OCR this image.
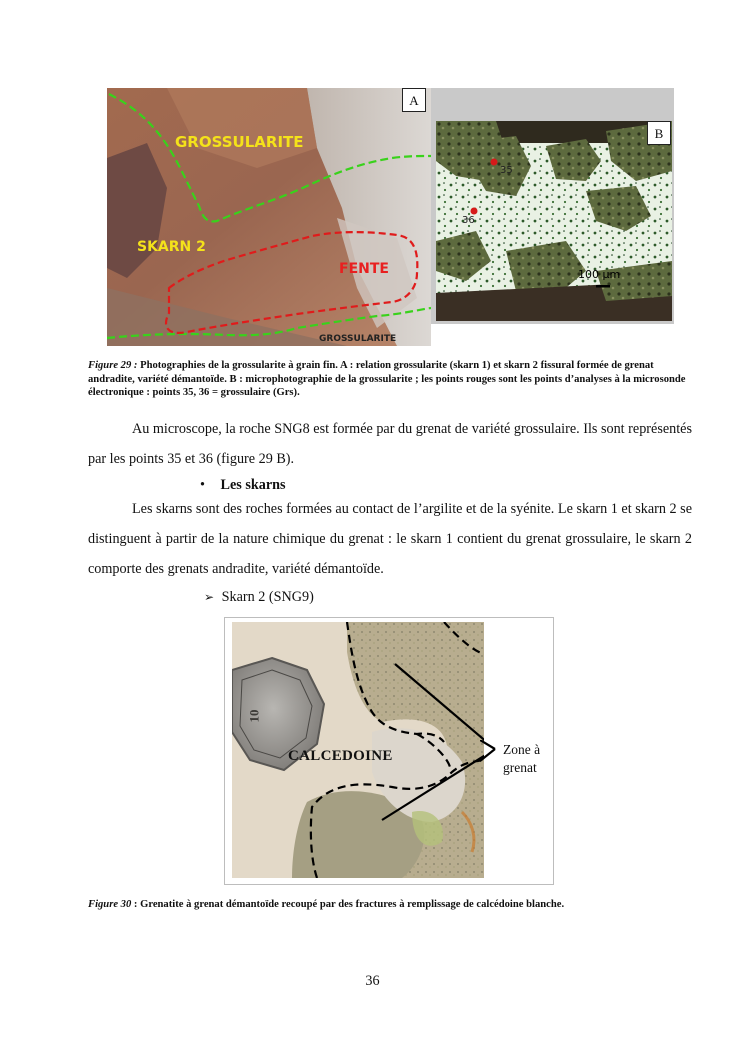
GROSSULARITE
SKARN 2
FENTE
GROSSULARITE
A
35
36
100 µm
B
Figure 29 : Photographies de la grossularite à grain fin. A : relation grossularite (skarn 1) et skarn 2 fissural formée de grenat andradite, variété démantoïde. B : microphotographie de la grossularite ; les points rouges sont les points d’analyses à la microsonde électronique : points 35, 36 = grossulaire (Grs).
Au microscope, la roche SNG8 est formée par du grenat de variété grossulaire. Ils sont représentés par les points 35 et 36 (figure 29 B).
• Les skarns
Les skarns sont des roches formées au contact de l’argilite et de la syénite. Le skarn 1 et skarn 2 se distinguent à partir de la nature chimique du grenat : le skarn 1 contient du grenat grossulaire, le skarn 2 comporte des grenats andradite, variété démantoïde.
➢ Skarn 2 (SNG9)
10
CALCEDOINE	Zone à
grenat
Figure 30 : Grenatite à grenat démantoïde recoupé par des fractures à remplissage de calcédoine blanche.
36
